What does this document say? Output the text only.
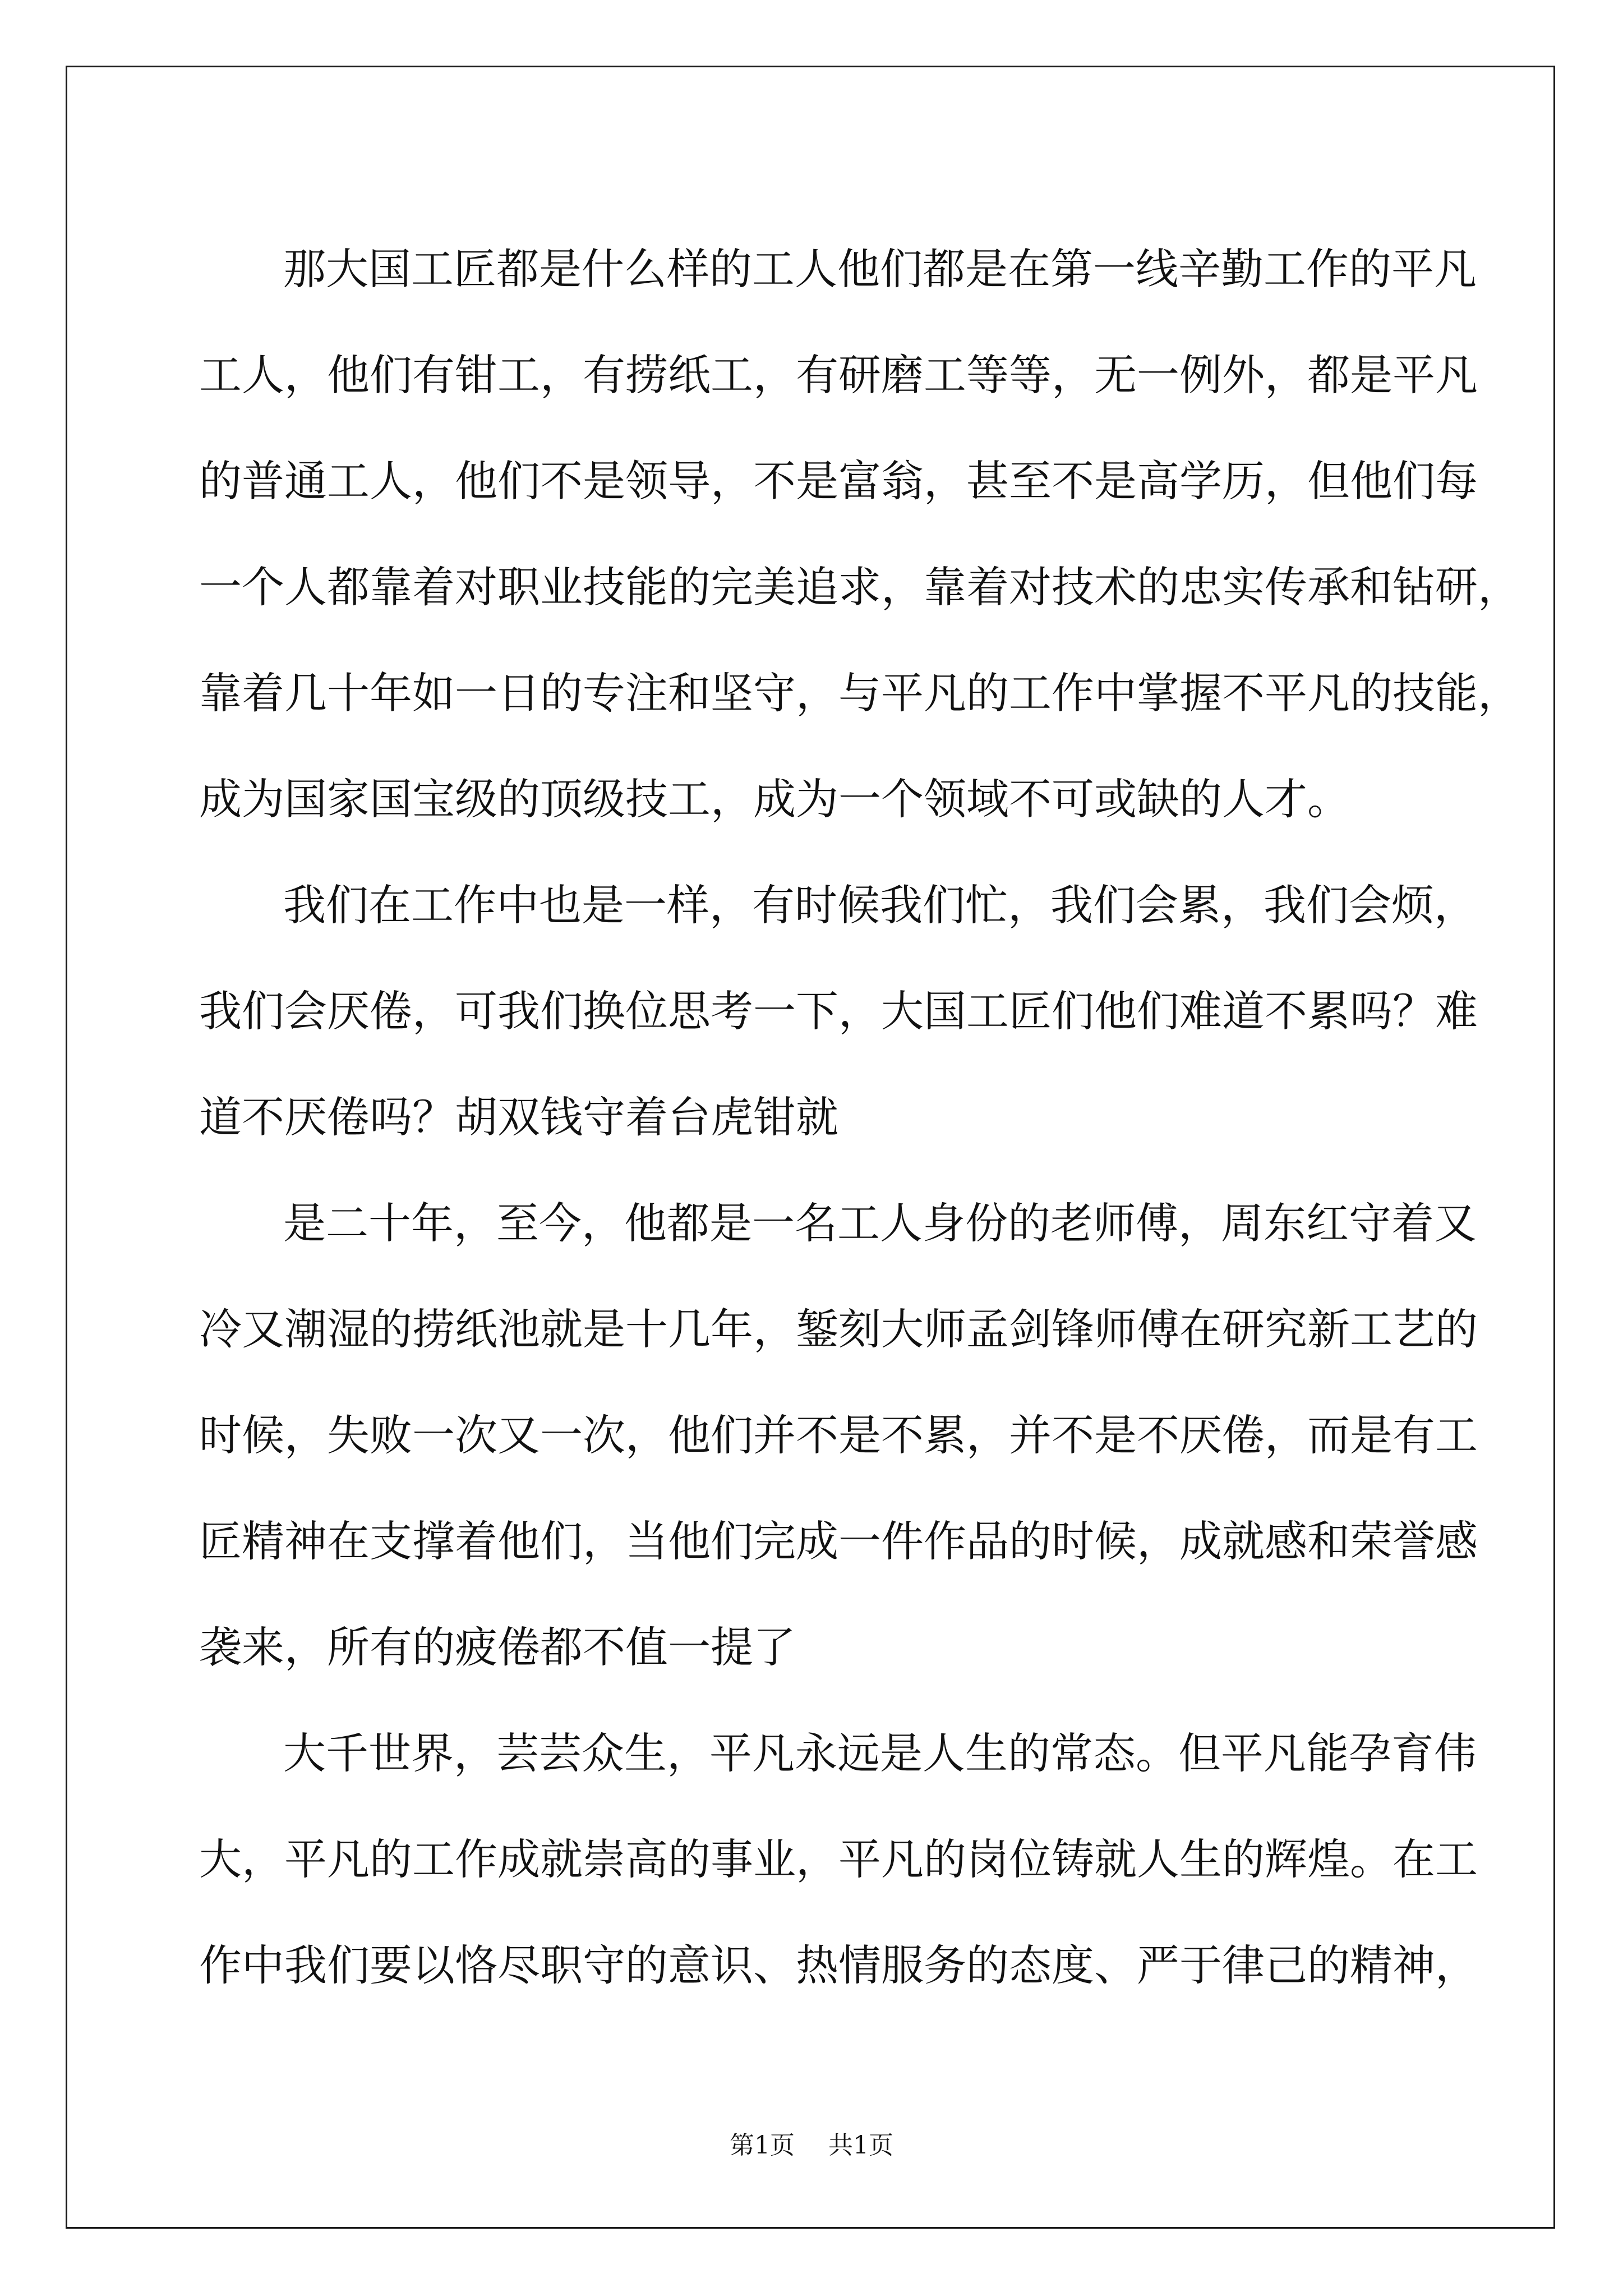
那大国工匠都是什么样的工人他们都是在第一线辛勤工作的平凡
工人，他们有钳工，有捞纸工，有研磨工等等，无一例外，都是平凡
的普通工人，他们不是领导，不是富翁，甚至不是高学历，但他们每
一个人都靠着对职业技能的完美追求，靠着对技术的忠实传承和钻研，
靠着几十年如一日的专注和坚守，与平凡的工作中掌握不平凡的技能，
成为国家国宝级的顶级技工，成为一个领域不可或缺的人才。
我们在工作中也是一样，有时候我们忙，我们会累，我们会烦，
我们会厌倦，可我们换位思考一下，大国工匠们他们难道不累吗？难
道不厌倦吗？胡双钱守着台虎钳就
是二十年，至今，他都是一名工人身份的老师傅，周东红守着又
冷又潮湿的捞纸池就是十几年，錾刻大师孟剑锋师傅在研究新工艺的
时候，失败一次又一次，他们并不是不累，并不是不厌倦，而是有工
匠精神在支撑着他们，当他们完成一件作品的时候，成就感和荣誉感
袭来，所有的疲倦都不值一提了
大千世界，芸芸众生，平凡永远是人生的常态。但平凡能孕育伟
大，平凡的工作成就崇高的事业，平凡的岗位铸就人生的辉煌。在工
作中我们要以恪尽职守的意识、热情服务的态度、严于律己的精神，
第1页 共1页
